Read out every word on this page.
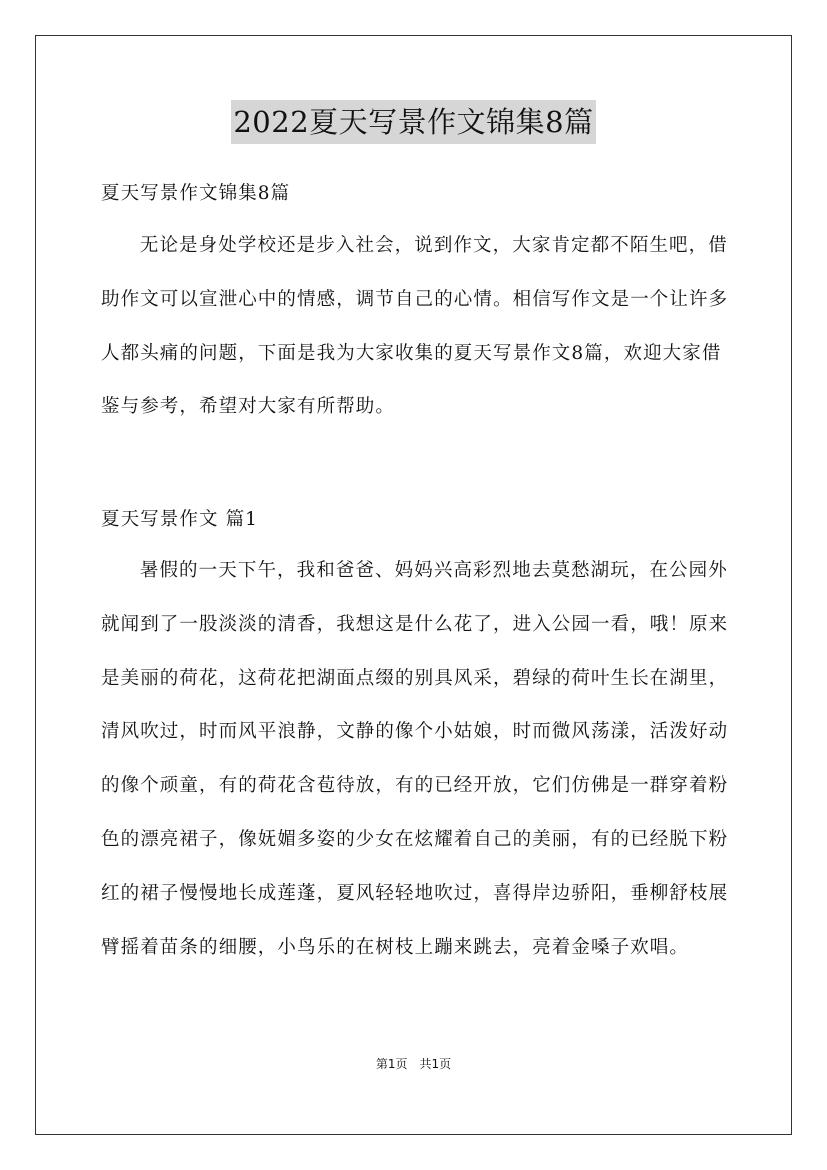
2022夏天写景作文锦集8篇

夏天写景作文锦集8篇

无论是身处学校还是步入社会，说到作文，大家肯定都不陌生吧，借助作文可以宣泄心中的情感，调节自己的心情。相信写作文是一个让许多人都头痛的问题，下面是我为大家收集的夏天写景作文8篇，欢迎大家借鉴与参考，希望对大家有所帮助。

夏天写景作文 篇1

暑假的一天下午，我和爸爸、妈妈兴高彩烈地去莫愁湖玩，在公园外就闻到了一股淡淡的清香，我想这是什么花了，进入公园一看，哦！原来是美丽的荷花，这荷花把湖面点缀的别具风采，碧绿的荷叶生长在湖里，清风吹过，时而风平浪静，文静的像个小姑娘，时而微风荡漾，活泼好动的像个顽童，有的荷花含苞待放，有的已经开放，它们仿佛是一群穿着粉色的漂亮裙子，像妩媚多姿的少女在炫耀着自己的美丽，有的已经脱下粉红的裙子慢慢地长成莲蓬，夏风轻轻地吹过，喜得岸边骄阳，垂柳舒枝展臂摇着苗条的细腰，小鸟乐的在树枝上蹦来跳去，亮着金嗓子欢唱。

第1页　共1页
